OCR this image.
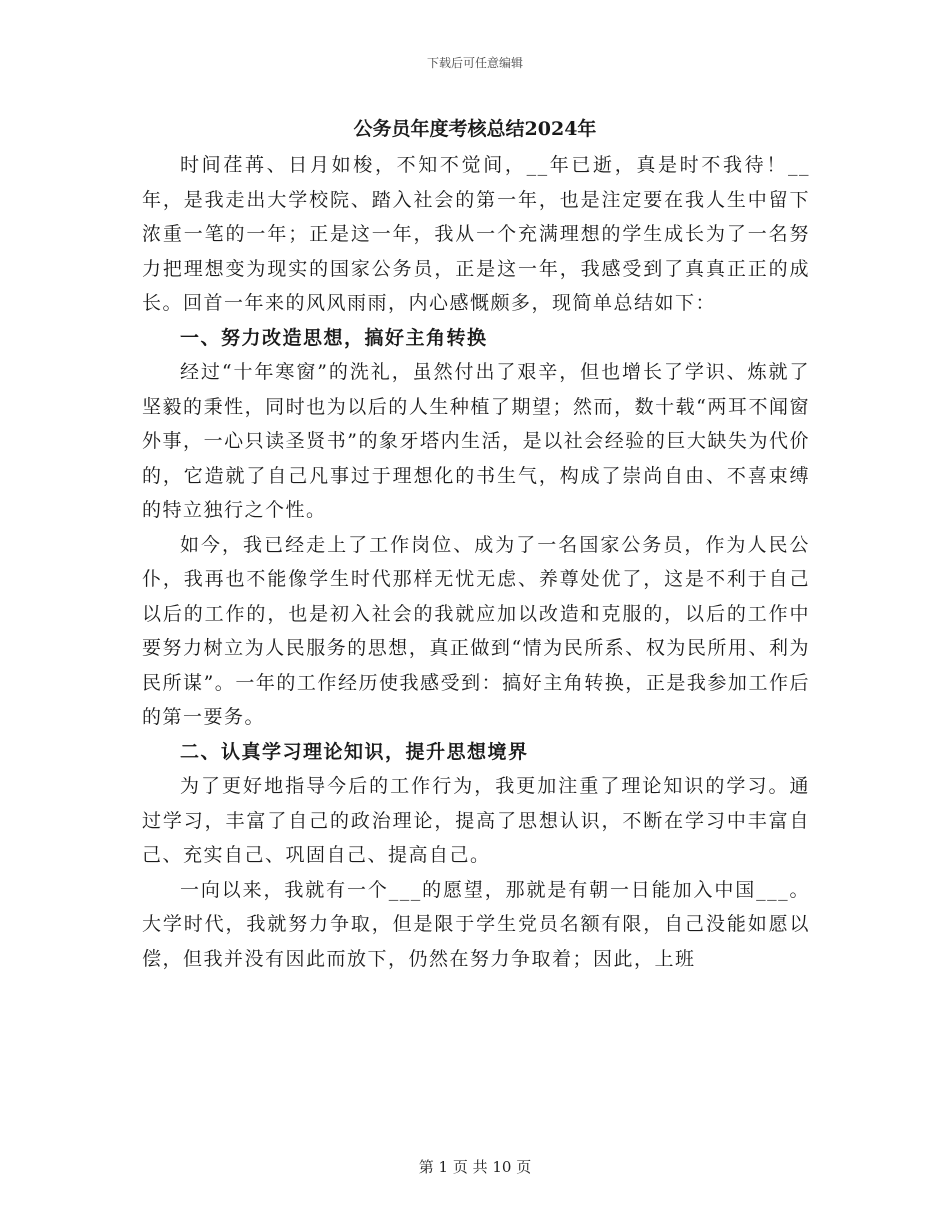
下载后可任意编辑
公务员年度考核总结2024年

时间荏苒、日月如梭，不知不觉间，__年已逝，真是时不我待！__年，是我走出大学校院、踏入社会的第一年，也是注定要在我人生中留下浓重一笔的一年；正是这一年，我从一个充满理想的学生成长为了一名努力把理想变为现实的国家公务员，正是这一年，我感受到了真真正正的成长。回首一年来的风风雨雨，内心感慨颇多，现简单总结如下：

一、努力改造思想，搞好主角转换

经过“十年寒窗”的洗礼，虽然付出了艰辛，但也增长了学识、炼就了坚毅的秉性，同时也为以后的人生种植了期望；然而，数十载“两耳不闻窗外事，一心只读圣贤书”的象牙塔内生活，是以社会经验的巨大缺失为代价的，它造就了自己凡事过于理想化的书生气，构成了崇尚自由、不喜束缚的特立独行之个性。

如今，我已经走上了工作岗位、成为了一名国家公务员，作为人民公仆，我再也不能像学生时代那样无忧无虑、养尊处优了，这是不利于自己以后的工作的，也是初入社会的我就应加以改造和克服的，以后的工作中要努力树立为人民服务的思想，真正做到“情为民所系、权为民所用、利为民所谋”。一年的工作经历使我感受到：搞好主角转换，正是我参加工作后的第一要务。

二、认真学习理论知识，提升思想境界

为了更好地指导今后的工作行为，我更加注重了理论知识的学习。通过学习，丰富了自己的政治理论，提高了思想认识，不断在学习中丰富自己、充实自己、巩固自己、提高自己。

一向以来，我就有一个___的愿望，那就是有朝一日能加入中国___。大学时代，我就努力争取，但是限于学生党员名额有限，自己没能如愿以偿，但我并没有因此而放下，仍然在努力争取着；因此，上班

第 1 页 共 10 页
